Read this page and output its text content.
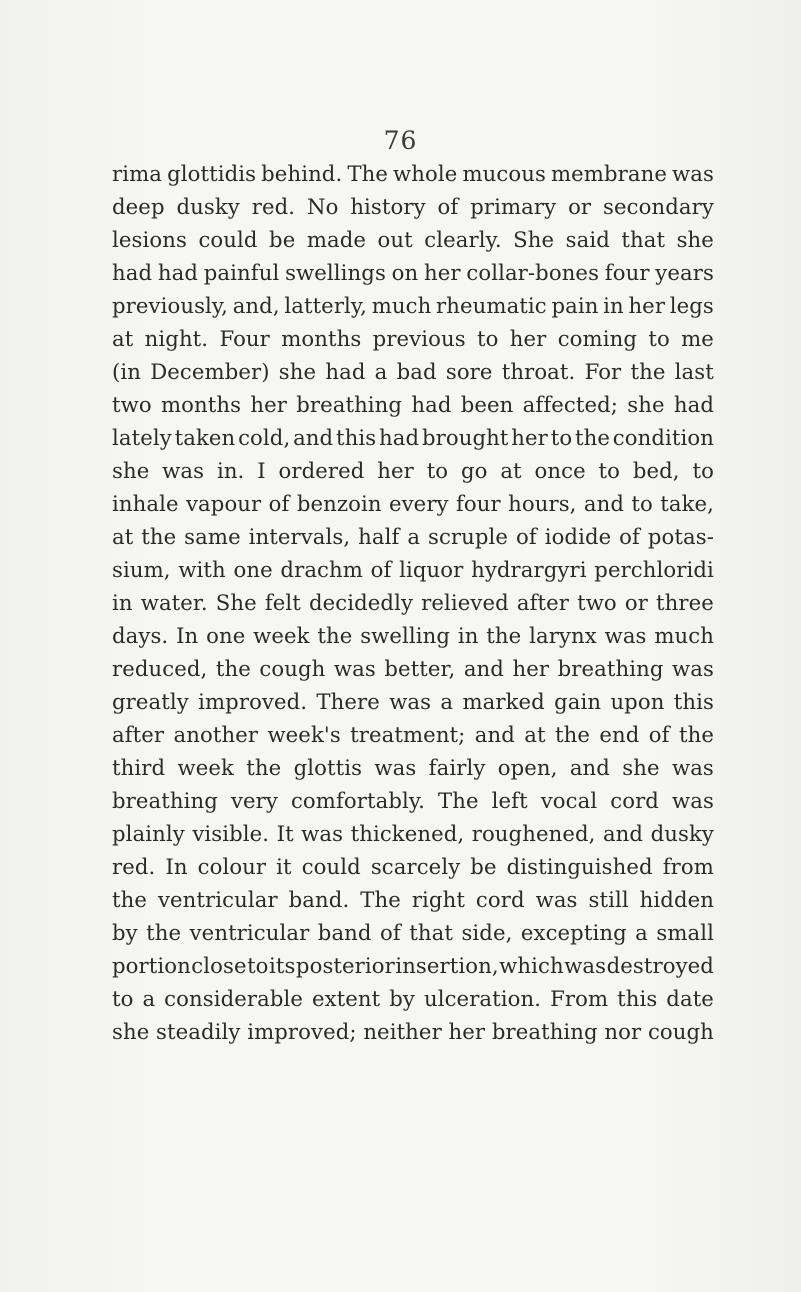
76
rima glottidis behind. The whole mucous membrane was
deep dusky red. No history of primary or secondary
lesions could be made out clearly. She said that she
had had painful swellings on her collar-bones four years
previously, and, latterly, much rheumatic pain in her legs
at night. Four months previous to her coming to me
(in December) she had a bad sore throat. For the last
two months her breathing had been affected; she had
lately taken cold, and this had brought her to the condition
she was in. I ordered her to go at once to bed, to
inhale vapour of benzoin every four hours, and to take,
at the same intervals, half a scruple of iodide of potas-
sium, with one drachm of liquor hydrargyri perchloridi
in water. She felt decidedly relieved after two or three
days. In one week the swelling in the larynx was much
reduced, the cough was better, and her breathing was
greatly improved. There was a marked gain upon this
after another week's treatment; and at the end of the
third week the glottis was fairly open, and she was
breathing very comfortably. The left vocal cord was
plainly visible. It was thickened, roughened, and dusky
red. In colour it could scarcely be distinguished from
the ventricular band. The right cord was still hidden
by the ventricular band of that side, excepting a small
portion close to its posterior insertion, which was destroyed
to a considerable extent by ulceration. From this date
she steadily improved; neither her breathing nor cough
